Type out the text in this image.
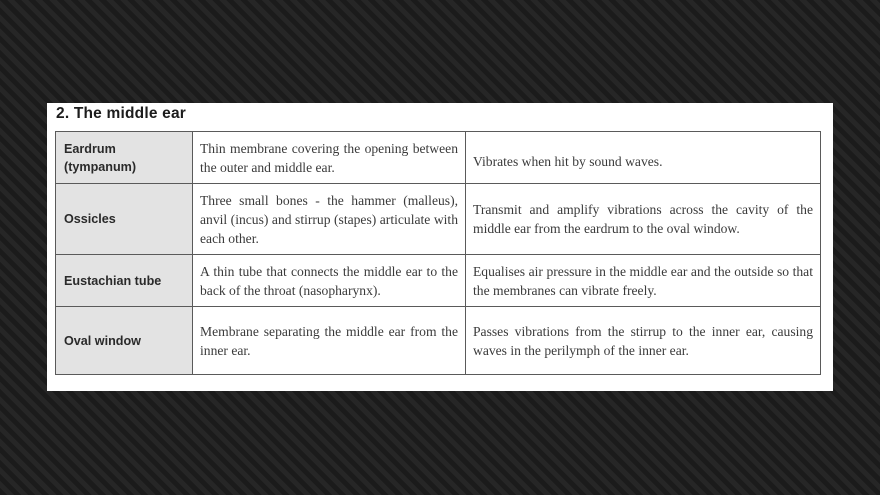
2. The middle ear
Eardrum (tympanum)	Thin membrane covering the opening between the outer and middle ear.	Vibrates when hit by sound waves.

Ossicles	Three small bones - the hammer (malleus), anvil (incus) and stirrup (stapes) articulate with each other.	Transmit and amplify vibrations across the cavity of the middle ear from the eardrum to the oval window.

Eustachian tube	A thin tube that connects the middle ear to the back of the throat (nasopharynx).	Equalises air pressure in the middle ear and the outside so that the membranes can vibrate freely.

Oval window	Membrane separating the middle ear from the inner ear.	Passes vibrations from the stirrup to the inner ear, causing waves in the perilymph of the inner ear.
